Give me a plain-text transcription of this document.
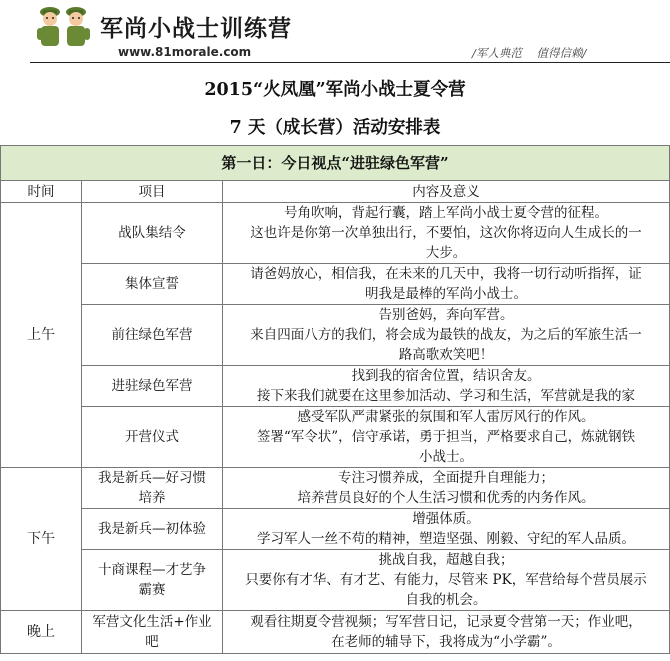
军尚小战士训练营
www.81morale.com	/军人典范    值得信赖/
2015“火凤凰”军尚小战士夏令营
7 天（成长营）活动安排表
第一日：今日视点“进驻绿色军营”		
时间	项目	内容及意义
上午	战队集结令	号角吹响，背起行囊，踏上军尚小战士夏令营的征程。
这也许是你第一次单独出行，不要怕，这次你将迈向人生成长的一
大步。

	集体宣誓	请爸妈放心，相信我，在未来的几天中，我将一切行动听指挥，证
明我是最棒的军尚小战士。

	前往绿色军营	告别爸妈，奔向军营。
来自四面八方的我们，将会成为最铁的战友，为之后的军旅生活一
路高歌欢笑吧！

	进驻绿色军营	找到我的宿舍位置，结识舍友。
接下来我们就要在这里参加活动、学习和生活，军营就是我的家

	开营仪式	感受军队严肃紧张的氛围和军人雷厉风行的作风。
签署“军令状”，信守承诺，勇于担当，严格要求自己，炼就钢铁
小战士。

下午	我是新兵—好习惯
培养	专注习惯养成，全面提升自理能力；
培养营员良好的个人生活习惯和优秀的内务作风。

	我是新兵—初体验	增强体质。
学习军人一丝不苟的精神，塑造坚强、刚毅、守纪的军人品质。

	十商课程—才艺争
霸赛	挑战自我，超越自我；
只要你有才华、有才艺、有能力，尽管来 PK，军营给每个营员展示
自我的机会。

晚上	军营文化生活+作业
吧	观看往期夏令营视频；写军营日记，记录夏令营第一天；作业吧，
在老师的辅导下，我将成为“小学霸”。
